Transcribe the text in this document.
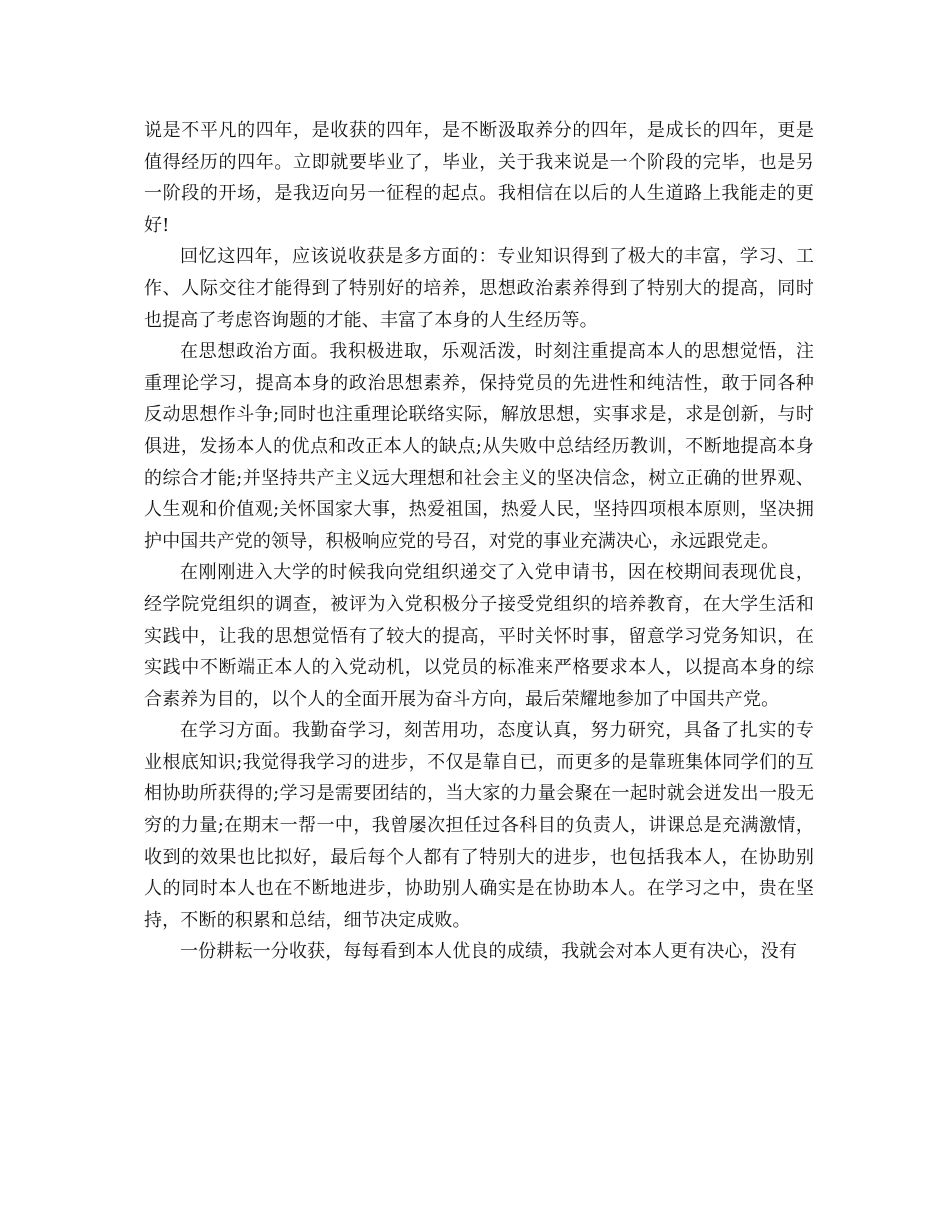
说是不平凡的四年，是收获的四年，是不断汲取养分的四年，是成长的四年，更是值得经历的四年。立即就要毕业了，毕业，关于我来说是一个阶段的完毕，也是另一阶段的开场，是我迈向另一征程的起点。我相信在以后的人生道路上我能走的更好!

回忆这四年，应该说收获是多方面的：专业知识得到了极大的丰富，学习、工作、人际交往才能得到了特别好的培养，思想政治素养得到了特别大的提高，同时也提高了考虑咨询题的才能、丰富了本身的人生经历等。

在思想政治方面。我积极进取，乐观活泼，时刻注重提高本人的思想觉悟，注重理论学习，提高本身的政治思想素养，保持党员的先进性和纯洁性，敢于同各种反动思想作斗争;同时也注重理论联络实际，解放思想，实事求是，求是创新，与时俱进，发扬本人的优点和改正本人的缺点;从失败中总结经历教训，不断地提高本身的综合才能;并坚持共产主义远大理想和社会主义的坚决信念，树立正确的世界观、人生观和价值观;关怀国家大事，热爱祖国，热爱人民，坚持四项根本原则，坚决拥护中国共产党的领导，积极响应党的号召，对党的事业充满决心，永远跟党走。

在刚刚进入大学的时候我向党组织递交了入党申请书，因在校期间表现优良，经学院党组织的调查，被评为入党积极分子接受党组织的培养教育，在大学生活和实践中，让我的思想觉悟有了较大的提高，平时关怀时事，留意学习党务知识，在实践中不断端正本人的入党动机，以党员的标准来严格要求本人，以提高本身的综合素养为目的，以个人的全面开展为奋斗方向，最后荣耀地参加了中国共产党。

在学习方面。我勤奋学习，刻苦用功，态度认真，努力研究，具备了扎实的专业根底知识;我觉得我学习的进步，不仅是靠自已，而更多的是靠班集体同学们的互相协助所获得的;学习是需要团结的，当大家的力量会聚在一起时就会迸发出一股无穷的力量;在期末一帮一中，我曾屡次担任过各科目的负责人，讲课总是充满激情，收到的效果也比拟好，最后每个人都有了特别大的进步，也包括我本人，在协助别人的同时本人也在不断地进步，协助别人确实是在协助本人。在学习之中，贵在坚持，不断的积累和总结，细节决定成败。

一份耕耘一分收获，每每看到本人优良的成绩，我就会对本人更有决心，没有
